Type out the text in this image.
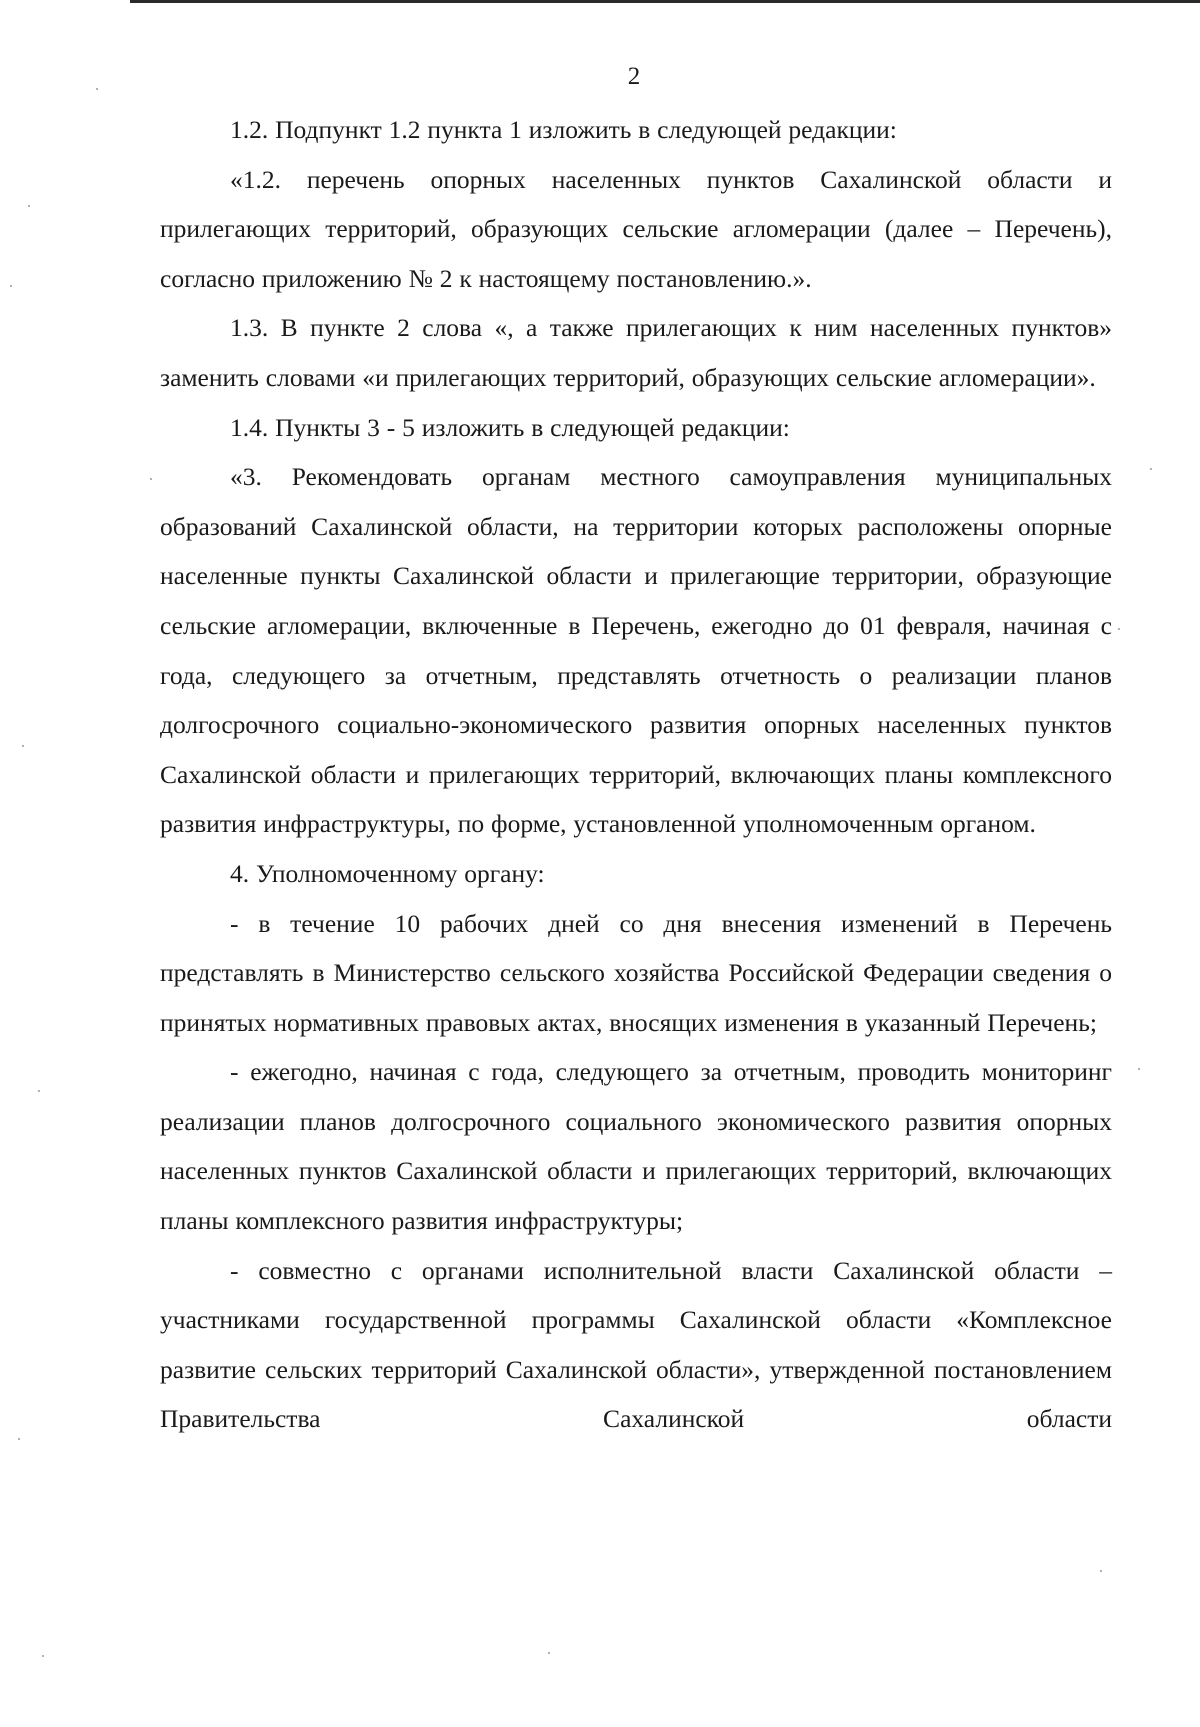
2

1.2. Подпункт 1.2 пункта 1 изложить в следующей редакции:

«1.2. перечень опорных населенных пунктов Сахалинской области и прилегающих территорий, образующих сельские агломерации (далее – Перечень), согласно приложению № 2 к настоящему постановлению.».

1.3. В пункте 2 слова «, а также прилегающих к ним населенных пунктов» заменить словами «и прилегающих территорий, образующих сельские агломерации».

1.4. Пункты 3 - 5 изложить в следующей редакции:

«3. Рекомендовать органам местного самоуправления муниципальных образований Сахалинской области, на территории которых расположены опорные населенные пункты Сахалинской области и прилегающие территории, образующие сельские агломерации, включенные в Перечень, ежегодно до 01 февраля, начиная с года, следующего за отчетным, представлять отчетность о реализации планов долгосрочного социально-экономического развития опорных населенных пунктов Сахалинской области и прилегающих территорий, включающих планы комплексного развития инфраструктуры, по форме, установленной уполномоченным органом.

4. Уполномоченному органу:

- в течение 10 рабочих дней со дня внесения изменений в Перечень представлять в Министерство сельского хозяйства Российской Федерации сведения о принятых нормативных правовых актах, вносящих изменения в указанный Перечень;

- ежегодно, начиная с года, следующего за отчетным, проводить мониторинг реализации планов долгосрочного социального экономического развития опорных населенных пунктов Сахалинской области и прилегающих территорий, включающих планы комплексного развития инфраструктуры;

- совместно с органами исполнительной власти Сахалинской области – участниками государственной программы Сахалинской области «Комплексное развитие сельских территорий Сахалинской области», утвержденной постановлением Правительства Сахалинской области
